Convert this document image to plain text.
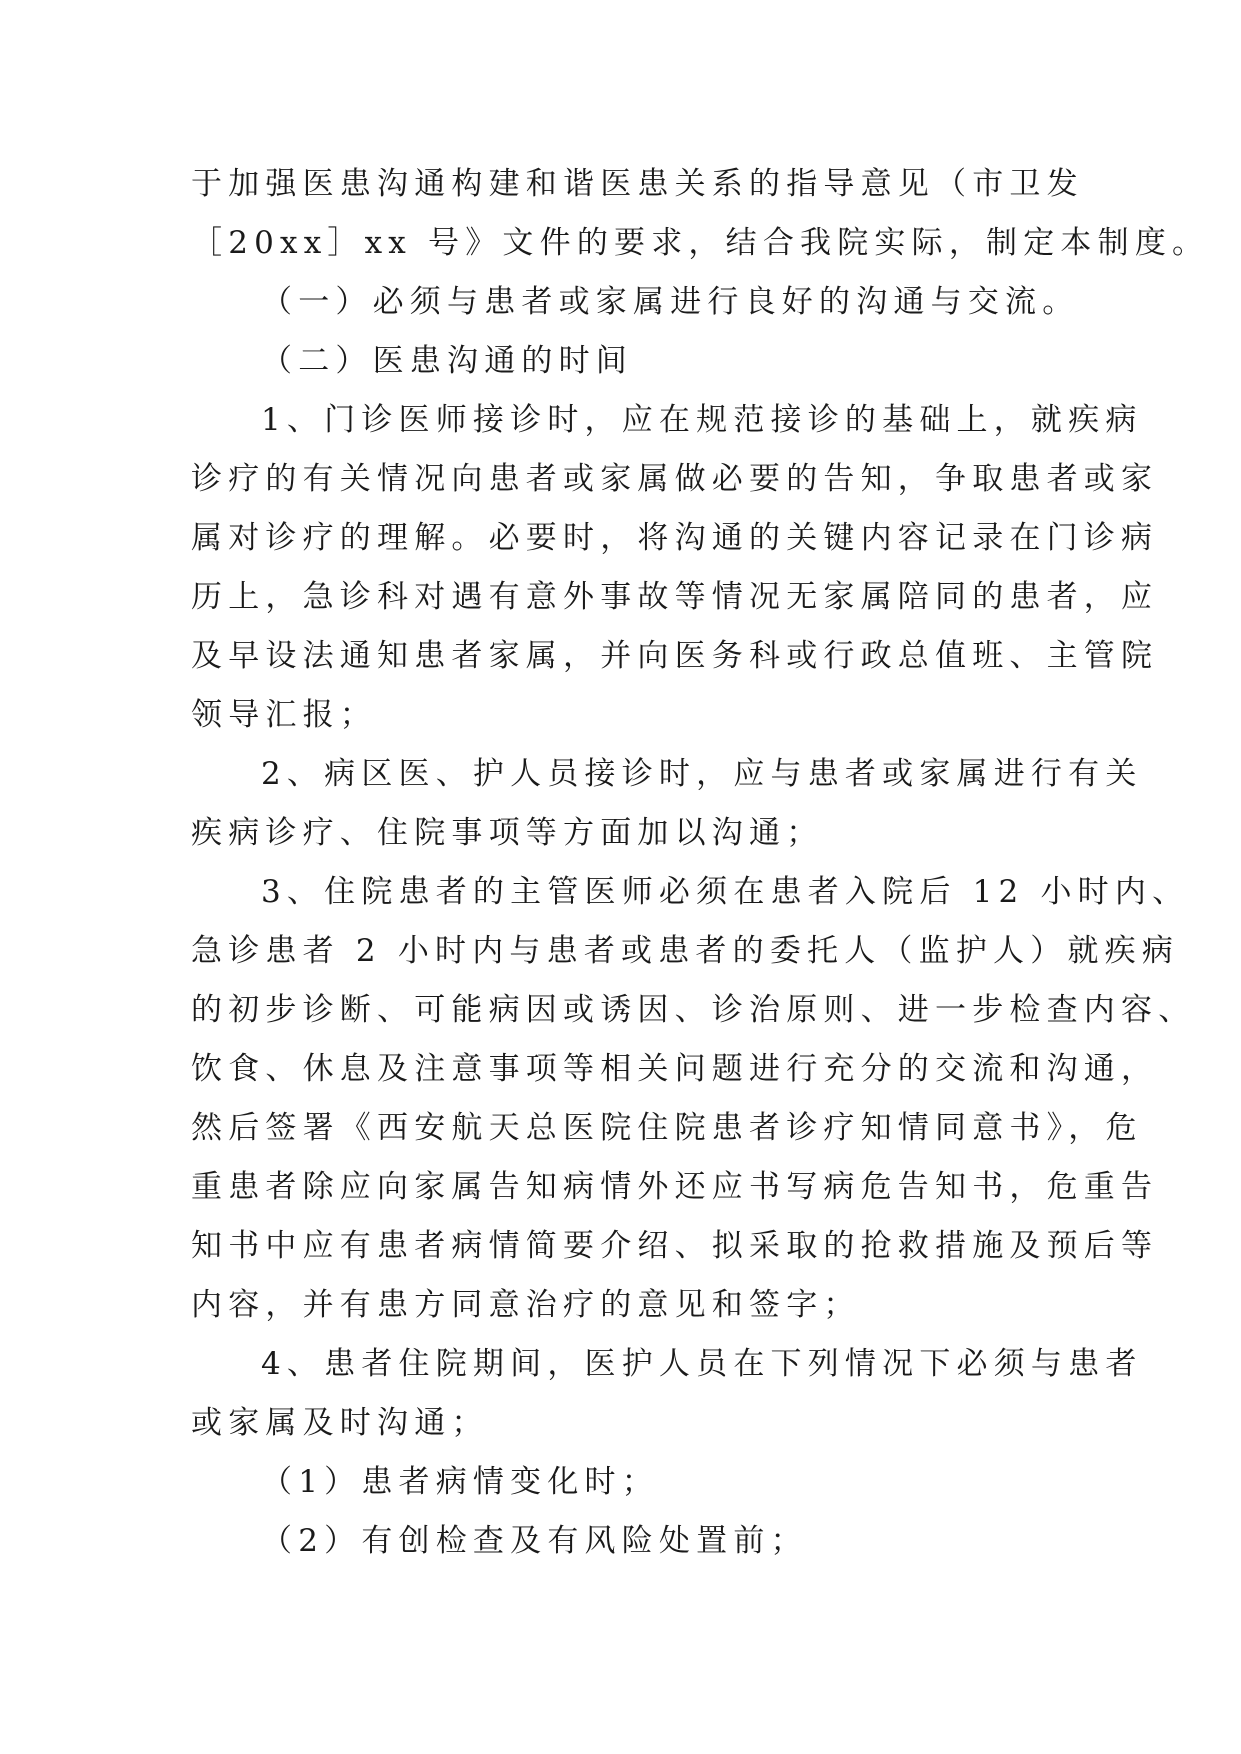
于加强医患沟通构建和谐医患关系的指导意见（市卫发
［20xx］xx 号》文件的要求，结合我院实际，制定本制度。
（一）必须与患者或家属进行良好的沟通与交流。
（二）医患沟通的时间
1、门诊医师接诊时，应在规范接诊的基础上，就疾病
诊疗的有关情况向患者或家属做必要的告知，争取患者或家
属对诊疗的理解。必要时，将沟通的关键内容记录在门诊病
历上，急诊科对遇有意外事故等情况无家属陪同的患者，应
及早设法通知患者家属，并向医务科或行政总值班、主管院
领导汇报；
2、病区医、护人员接诊时，应与患者或家属进行有关
疾病诊疗、住院事项等方面加以沟通；
3、住院患者的主管医师必须在患者入院后 12 小时内、
急诊患者 2 小时内与患者或患者的委托人（监护人）就疾病
的初步诊断、可能病因或诱因、诊治原则、进一步检查内容、
饮食、休息及注意事项等相关问题进行充分的交流和沟通，
然后签署《西安航天总医院住院患者诊疗知情同意书》，危
重患者除应向家属告知病情外还应书写病危告知书，危重告
知书中应有患者病情简要介绍、拟采取的抢救措施及预后等
内容，并有患方同意治疗的意见和签字；
4、患者住院期间，医护人员在下列情况下必须与患者
或家属及时沟通；
（1）患者病情变化时；
（2）有创检查及有风险处置前；
